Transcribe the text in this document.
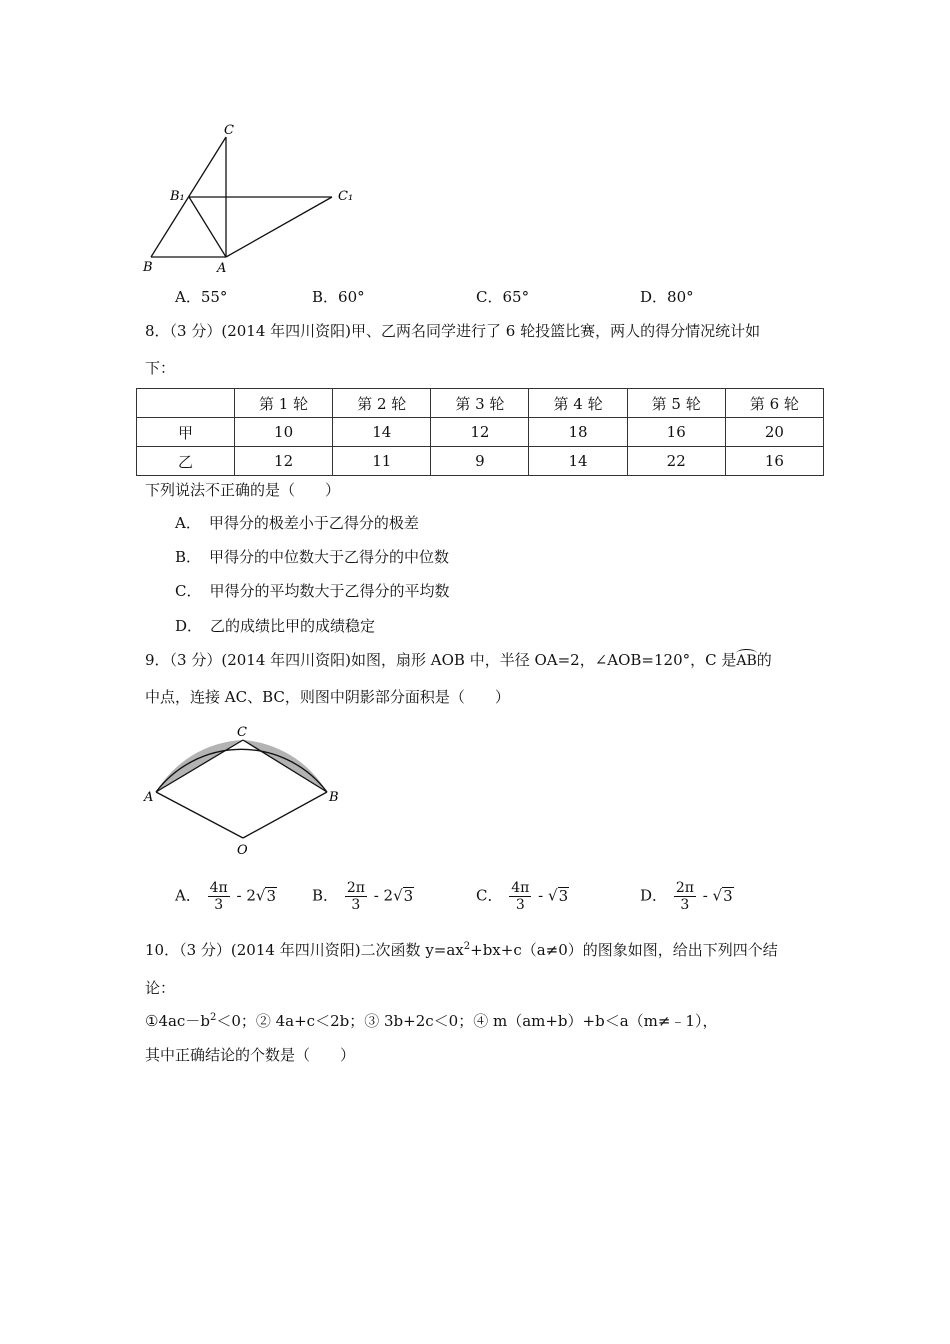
C
B₁	C₁
B	A
A．55°	B．60°	C．65°	D．80°
8．（3 分）(2014 年四川资阳)甲、乙两名同学进行了 6 轮投篮比赛，两人的得分情况统计如
下：
	第 1 轮	第 2 轮	第 3 轮	第 4 轮	第 5 轮	第 6 轮
甲	10	14	12	18	16	20
乙	12	11	9	14	22	16
下列说法不正确的是（　　）
A． 甲得分的极差小于乙得分的极差
B． 甲得分的中位数大于乙得分的中位数
C． 甲得分的平均数大于乙得分的平均数
D． 乙的成绩比甲的成绩稳定
9．（3 分）(2014 年四川资阳)如图，扇形 AOB 中，半径 OA=2，∠AOB=120°，C 是AB的
中点，连接 AC、BC，则图中阴影部分面积是（　　）
C
A	B
O
A． $\frac{4\pi}{3} - 2√3$ B． $\frac{2\pi}{3} - 2√3$	C． $\frac{4\pi}{3} - √3$	D． $\frac{2\pi}{3} - √3$
10．（3 分）(2014 年四川资阳)二次函数 $y=ax^2+bx+c(a\ne 0)$的图象如图，给出下列四个结
论：
$①4ac-b^2<0$；② 4a+c＜2b；③ 3b+2c＜0；④ m（am+b）+b＜a（m≠﹣1），
其中正确结论的个数是（　　）
